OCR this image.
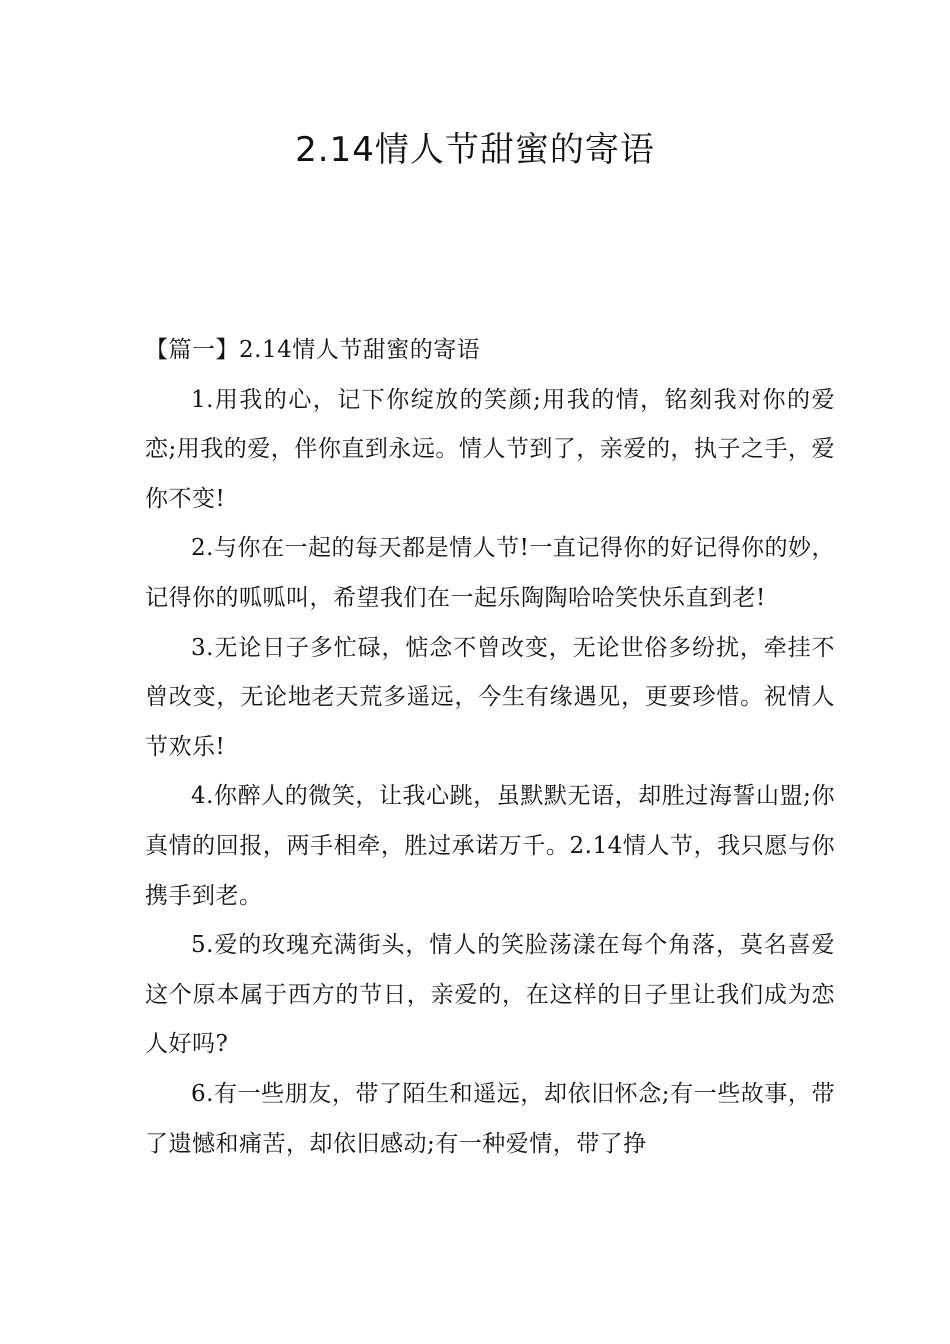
2.14情人节甜蜜的寄语

【篇一】2.14情人节甜蜜的寄语

1.用我的心，记下你绽放的笑颜;用我的情，铭刻我对你的爱恋;用我的爱，伴你直到永远。情人节到了，亲爱的，执子之手，爱你不变!

2.与你在一起的每天都是情人节!一直记得你的好记得你的妙，记得你的呱呱叫，希望我们在一起乐陶陶哈哈笑快乐直到老!

3.无论日子多忙碌，惦念不曾改变，无论世俗多纷扰，牵挂不曾改变，无论地老天荒多遥远，今生有缘遇见，更要珍惜。祝情人节欢乐!

4.你醉人的微笑，让我心跳，虽默默无语，却胜过海誓山盟;你真情的回报，两手相牵，胜过承诺万千。2.14情人节，我只愿与你携手到老。

5.爱的玫瑰充满街头，情人的笑脸荡漾在每个角落，莫名喜爱这个原本属于西方的节日，亲爱的，在这样的日子里让我们成为恋人好吗?

6.有一些朋友，带了陌生和遥远，却依旧怀念;有一些故事，带了遗憾和痛苦，却依旧感动;有一种爱情，带了挣
